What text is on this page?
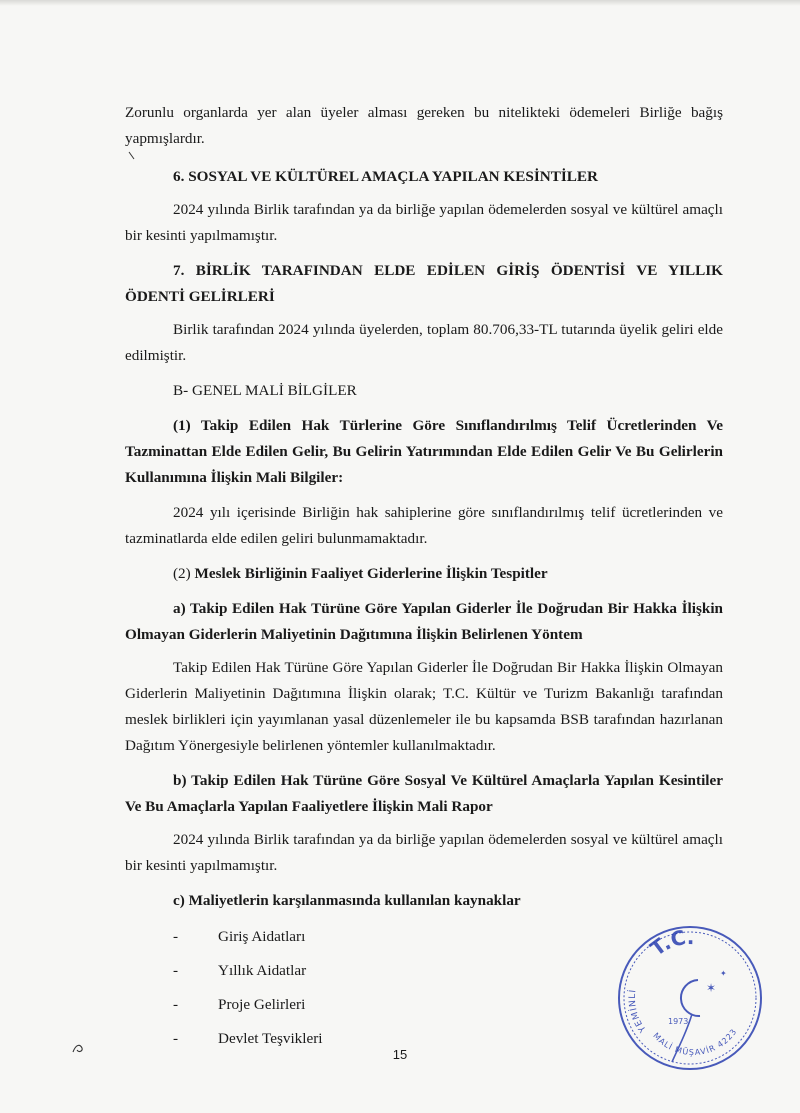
Zorunlu organlarda yer alan üyeler alması gereken bu nitelikteki ödemeleri Birliğe bağış yapmışlardır.

6. SOSYAL VE KÜLTÜREL AMAÇLA YAPILAN KESİNTİLER

2024 yılında Birlik tarafından ya da birliğe yapılan ödemelerden sosyal ve kültürel amaçlı bir kesinti yapılmamıştır.

7. BİRLİK TARAFINDAN ELDE EDİLEN GİRİŞ ÖDENTİSİ VE YILLIK ÖDENTİ GELİRLERİ

Birlik tarafından 2024 yılında üyelerden, toplam 80.706,33-TL tutarında üyelik geliri elde edilmiştir.

B- GENEL MALİ BİLGİLER

(1) Takip Edilen Hak Türlerine Göre Sınıflandırılmış Telif Ücretlerinden Ve Tazminattan Elde Edilen Gelir, Bu Gelirin Yatırımından Elde Edilen Gelir Ve Bu Gelirlerin Kullanımına İlişkin Mali Bilgiler:

2024 yılı içerisinde Birliğin hak sahiplerine göre sınıflandırılmış telif ücretlerinden ve tazminatlarda elde edilen geliri bulunmamaktadır.

(2) Meslek Birliğinin Faaliyet Giderlerine İlişkin Tespitler

a) Takip Edilen Hak Türüne Göre Yapılan Giderler İle Doğrudan Bir Hakka İlişkin Olmayan Giderlerin Maliyetinin Dağıtımına İlişkin Belirlenen Yöntem

Takip Edilen Hak Türüne Göre Yapılan Giderler İle Doğrudan Bir Hakka İlişkin Olmayan Giderlerin Maliyetinin Dağıtımına İlişkin olarak; T.C. Kültür ve Turizm Bakanlığı tarafından meslek birlikleri için yayımlanan yasal düzenlemeler ile bu kapsamda BSB tarafından hazırlanan Dağıtım Yönergesiyle belirlenen yöntemler kullanılmaktadır.

b) Takip Edilen Hak Türüne Göre Sosyal Ve Kültürel Amaçlarla Yapılan Kesintiler Ve Bu Amaçlarla Yapılan Faaliyetlere İlişkin Mali Rapor

2024 yılında Birlik tarafından ya da birliğe yapılan ödemelerden sosyal ve kültürel amaçlı bir kesinti yapılmamıştır.

c) Maliyetlerin karşılanmasında kullanılan kaynaklar

-	Giriş Aidatları
-	Yıllık Aidatlar
-	Proje Gelirleri
-	Devlet Teşvikleri
15
T.C.
YEMİNLİ
MALİ MÜŞAVİR 4223
1973
✶
✦
